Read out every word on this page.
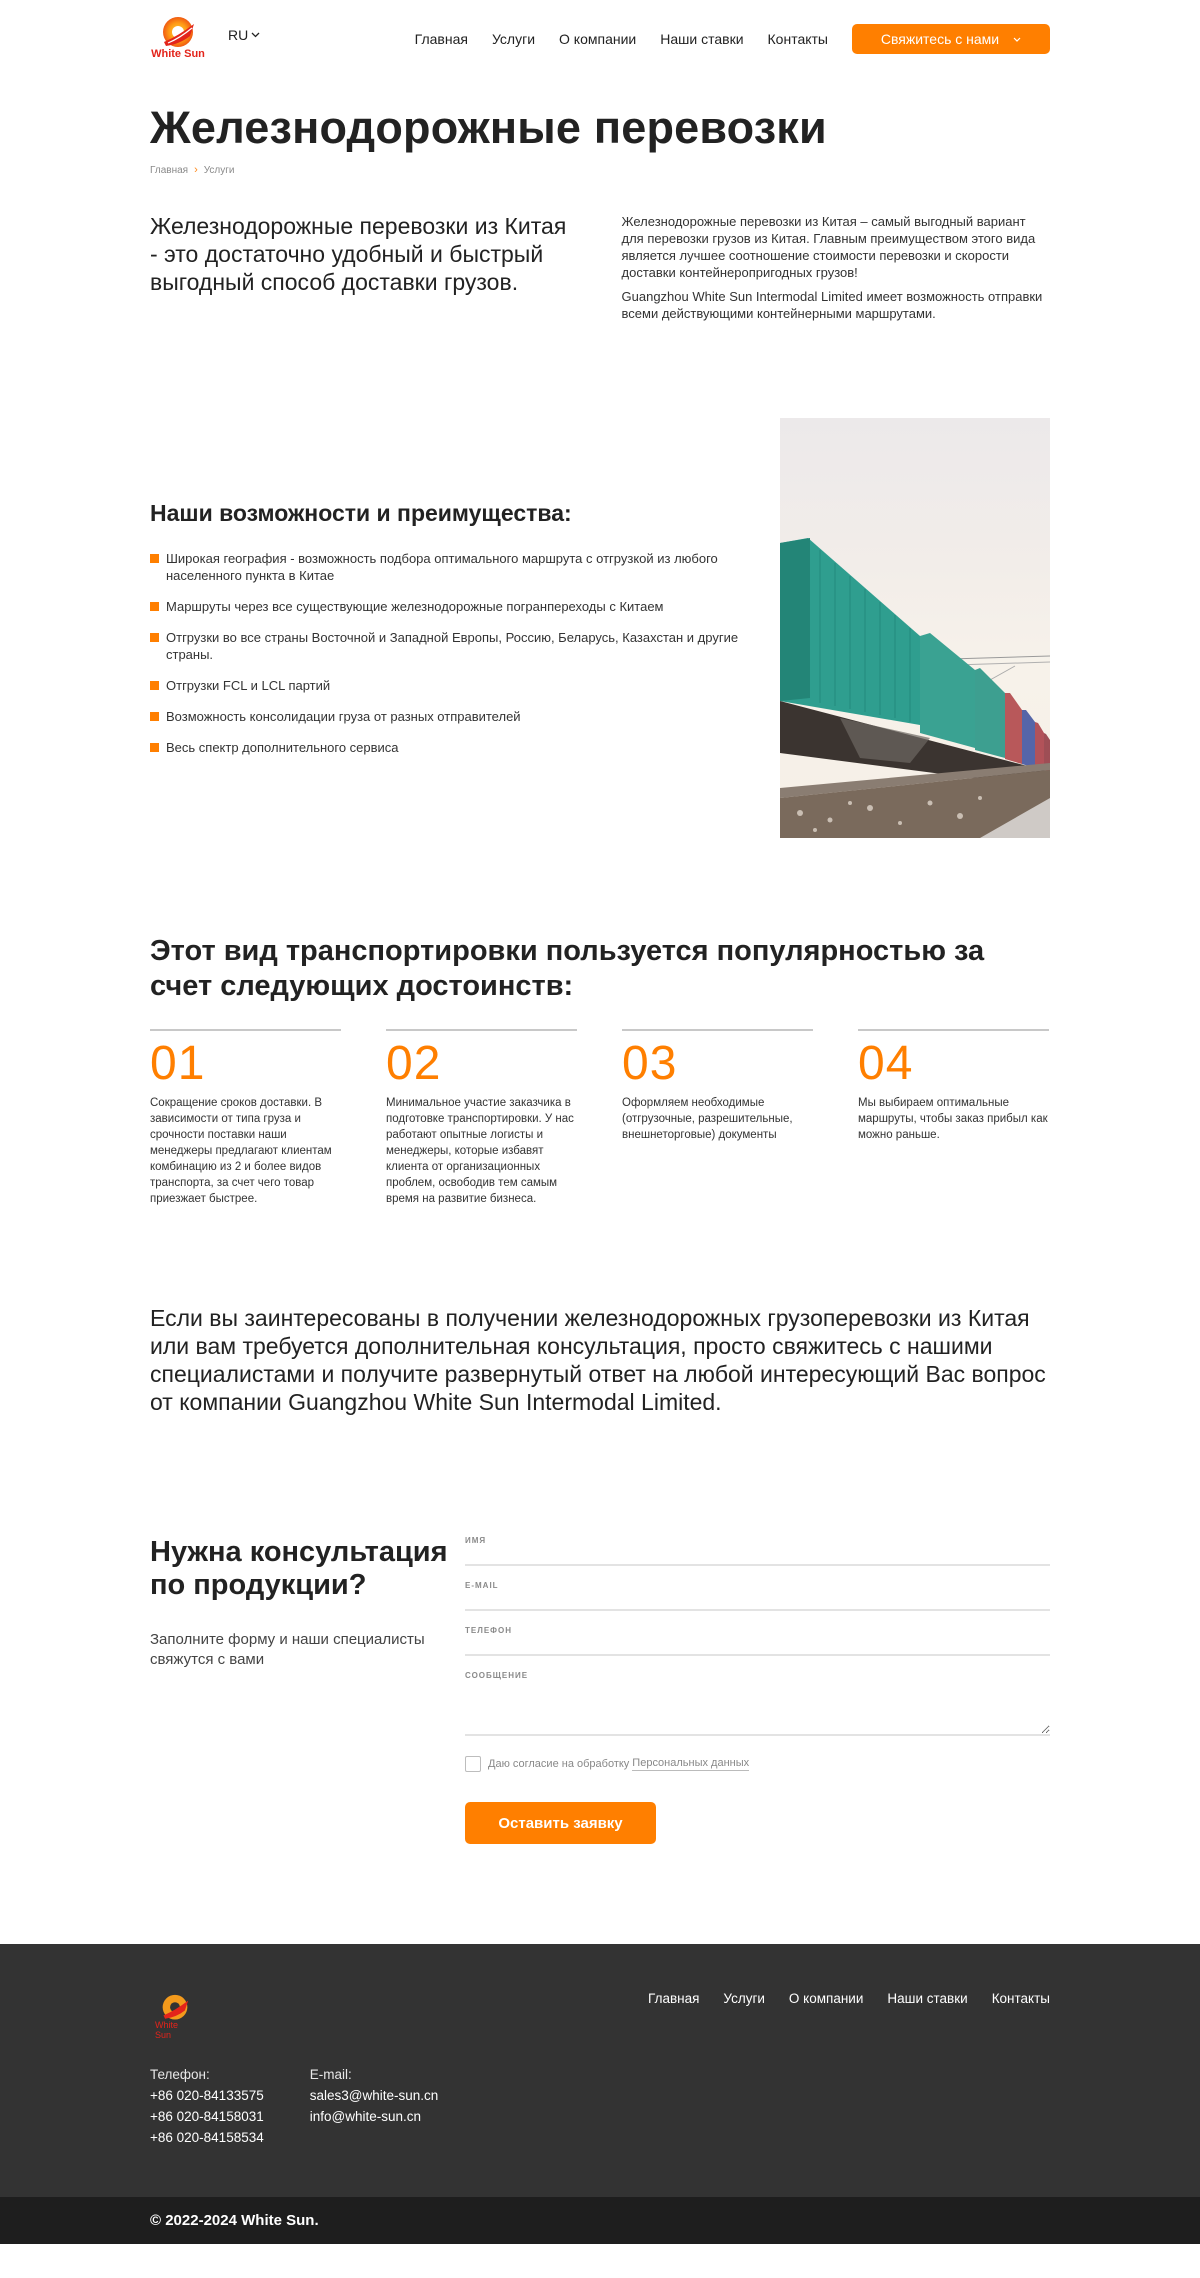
White Sun
RU	Главная Услуги О компании Наши ставки Контакты	Свяжитесь с нами
Железнодорожные перевозки
Главная › Услуги
Железнодорожные перевозки из Китая - это достаточно удобный и быстрый выгодный способ доставки грузов.

Железнодорожные перевозки из Китая – самый выгодный вариант для перевозки грузов из Китая. Главным преимуществом этого вида является лучшее соотношение стоимости перевозки и скорости доставки контейнеропригодных грузов!

Guangzhou White Sun Intermodal Limited имеет возможность отправки всеми действующими контейнерными маршрутами.

Наши возможности и преимущества:
Широкая география - возможность подбора оптимального маршрута с отгрузкой из любого населенного пункта в Китае
Маршруты через все существующие железнодорожные погранпереходы с Китаем
Отгрузки во все страны Восточной и Западной Европы, Россию, Беларусь, Казахстан и другие страны.
Отгрузки FCL и LCL партий
Возможность консолидации груза от разных отправителей
Весь спектр дополнительного сервиса
Этот вид транспортировки пользуется популярностью за счет следующих достоинств:
01
Сокращение сроков доставки. В зависимости от типа груза и срочности поставки наши менеджеры предлагают клиентам комбинацию из 2 и более видов транспорта, за счет чего товар приезжает быстрее.
02
Минимальное участие заказчика в подготовке транспортировки. У нас работают опытные логисты и менеджеры, которые избавят клиента от организационных проблем, освободив тем самым время на развитие бизнеса.
03
Оформляем необходимые (отгрузочные, разрешительные, внешнеторговые) документы
04
Мы выбираем оптимальные маршруты, чтобы заказ прибыл как можно раньше.

Если вы заинтересованы в получении железнодорожных грузоперевозки из Китая или вам требуется дополнительная консультация, просто свяжитесь с нашими специалистами и получите развернутый ответ на любой интересующий Вас вопрос от компании Guangzhou White Sun Intermodal Limited.

Нужна консультация по продукции?

Заполните форму и наши специалисты свяжутся с вами

ИМЯ
E-MAIL
ТЕЛЕФОН
СООБЩЕНИЕ
Даю согласие на обработку Персональных данных
Оставить заявку
White Sun
Главная Услуги О компании Наши ставки Контакты
Телефон:
+86 020-84133575
+86 020-84158031
+86 020-84158534
E-mail:
sales3@white-sun.cn
info@white-sun.cn
© 2022-2024 White Sun.
